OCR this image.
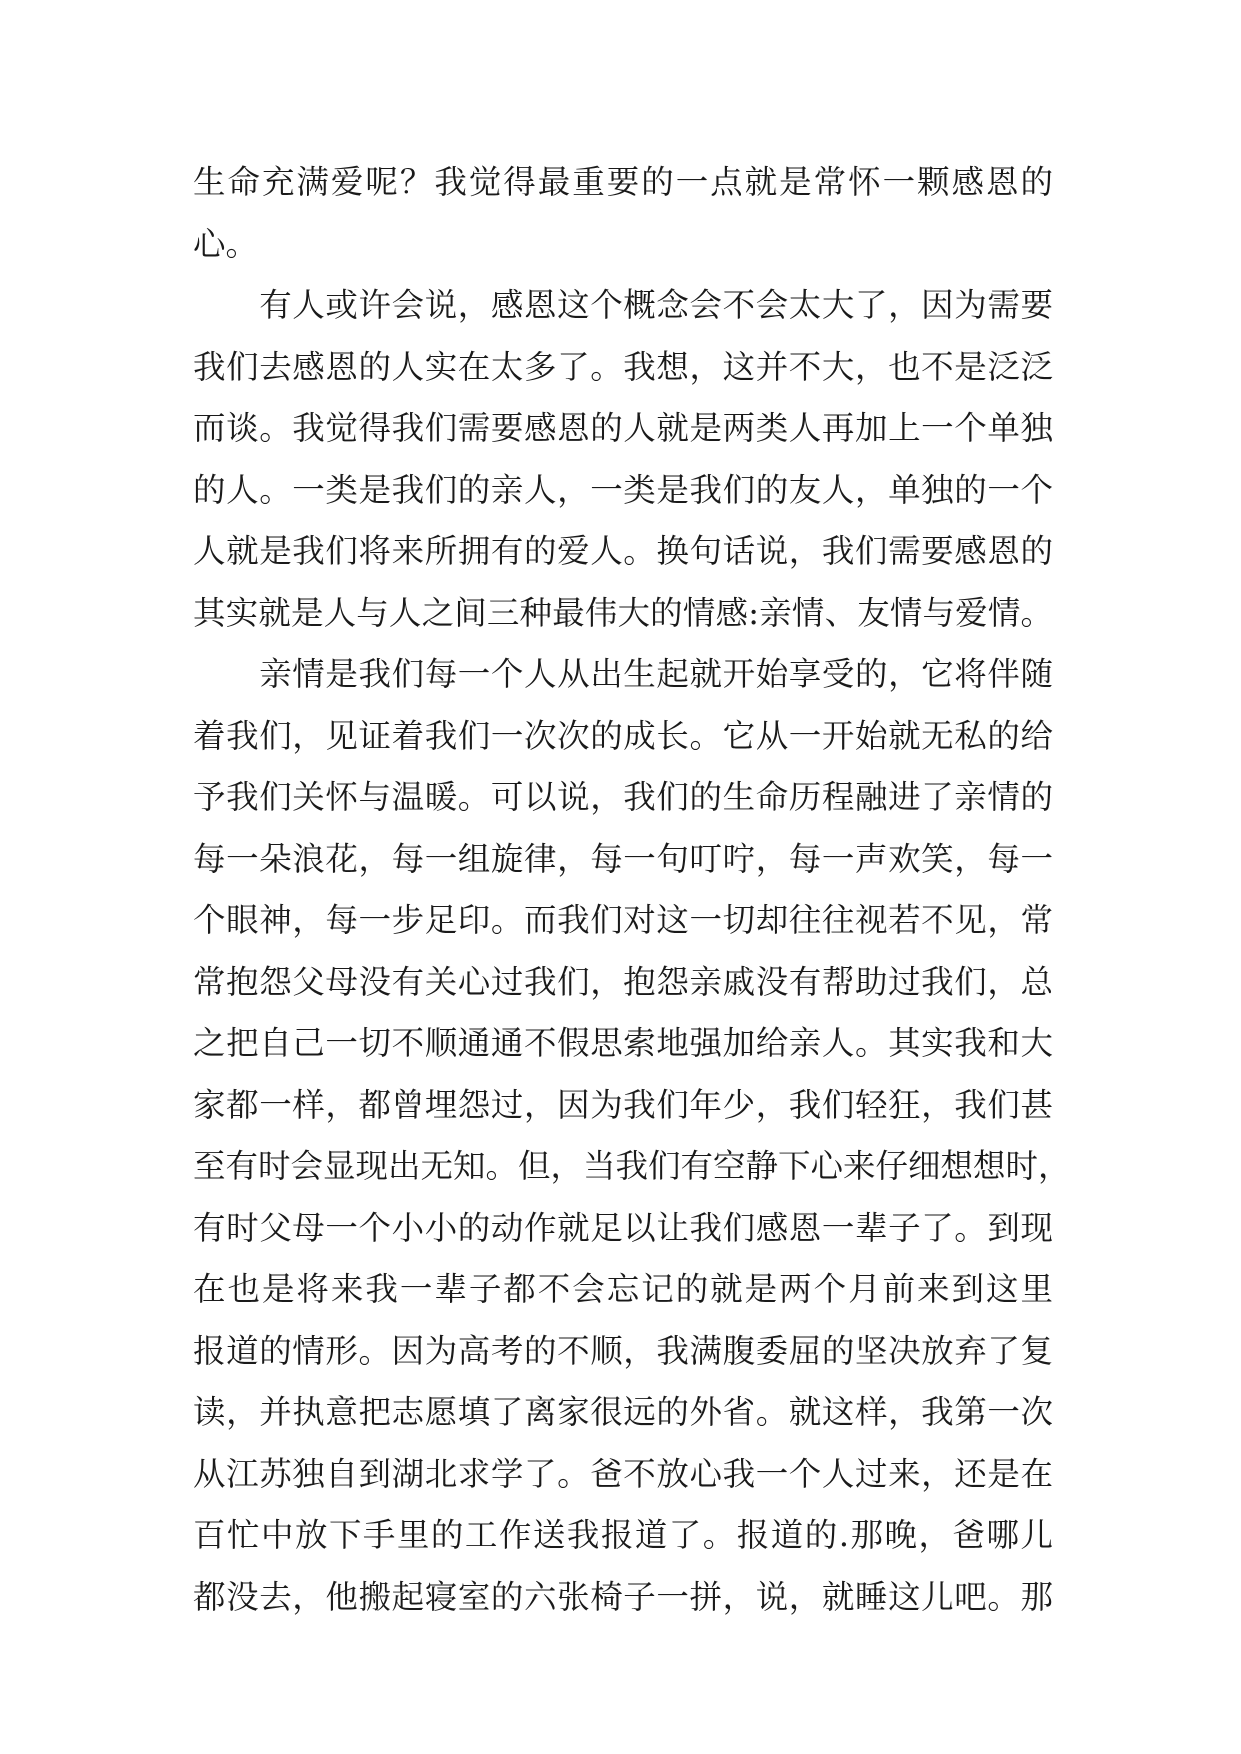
生命充满爱呢？我觉得最重要的一点就是常怀一颗感恩的
心。
　　有人或许会说，感恩这个概念会不会太大了，因为需要
我们去感恩的人实在太多了。我想，这并不大，也不是泛泛
而谈。我觉得我们需要感恩的人就是两类人再加上一个单独
的人。一类是我们的亲人，一类是我们的友人，单独的一个
人就是我们将来所拥有的爱人。换句话说，我们需要感恩的
其实就是人与人之间三种最伟大的情感:亲情、友情与爱情。
　　亲情是我们每一个人从出生起就开始享受的，它将伴随
着我们，见证着我们一次次的成长。它从一开始就无私的给
予我们关怀与温暖。可以说，我们的生命历程融进了亲情的
每一朵浪花，每一组旋律，每一句叮咛，每一声欢笑，每一
个眼神，每一步足印。而我们对这一切却往往视若不见，常
常抱怨父母没有关心过我们，抱怨亲戚没有帮助过我们，总
之把自己一切不顺通通不假思索地强加给亲人。其实我和大
家都一样，都曾埋怨过，因为我们年少，我们轻狂，我们甚
至有时会显现出无知。但，当我们有空静下心来仔细想想时，
有时父母一个小小的动作就足以让我们感恩一辈子了。到现
在也是将来我一辈子都不会忘记的就是两个月前来到这里
报道的情形。因为高考的不顺，我满腹委屈的坚决放弃了复
读，并执意把志愿填了离家很远的外省。就这样，我第一次
从江苏独自到湖北求学了。爸不放心我一个人过来，还是在
百忙中放下手里的工作送我报道了。报道的.那晚，爸哪儿
都没去，他搬起寝室的六张椅子一拼，说，就睡这儿吧。那
